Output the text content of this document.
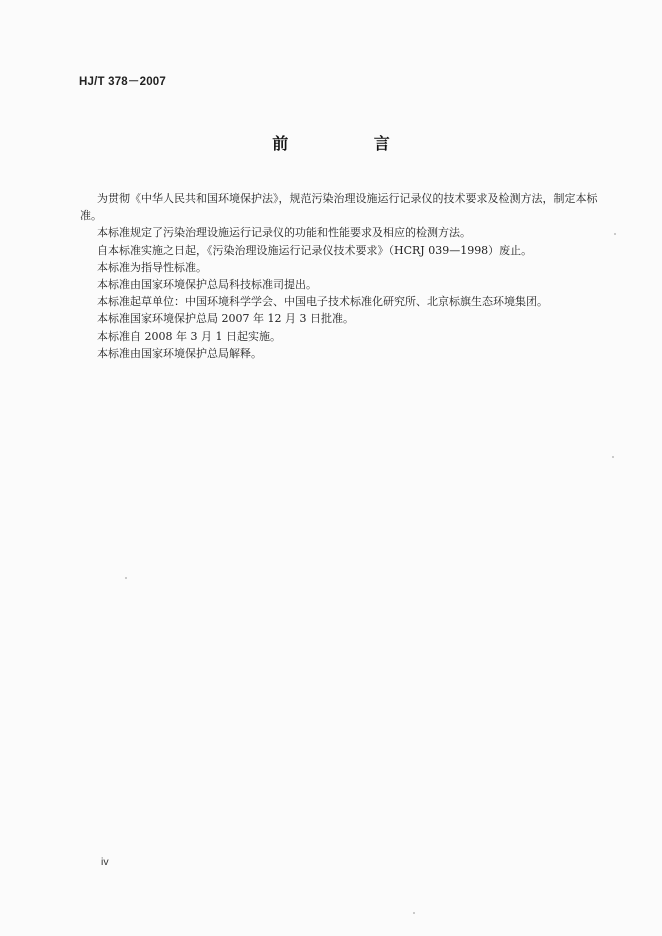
HJ/T 378－2007
前 言

为贯彻《中华人民共和国环境保护法》，规范污染治理设施运行记录仪的技术要求及检测方法，制定本标准。

本标准规定了污染治理设施运行记录仪的功能和性能要求及相应的检测方法。

自本标准实施之日起，《污染治理设施运行记录仪技术要求》（HCRJ 039—1998）废止。

本标准为指导性标准。

本标准由国家环境保护总局科技标准司提出。

本标准起草单位：中国环境科学学会、中国电子技术标准化研究所、北京标旗生态环境集团。

本标准国家环境保护总局 2007 年 12 月 3 日批准。

本标准自 2008 年 3 月 1 日起实施。

本标准由国家环境保护总局解释。

iv
